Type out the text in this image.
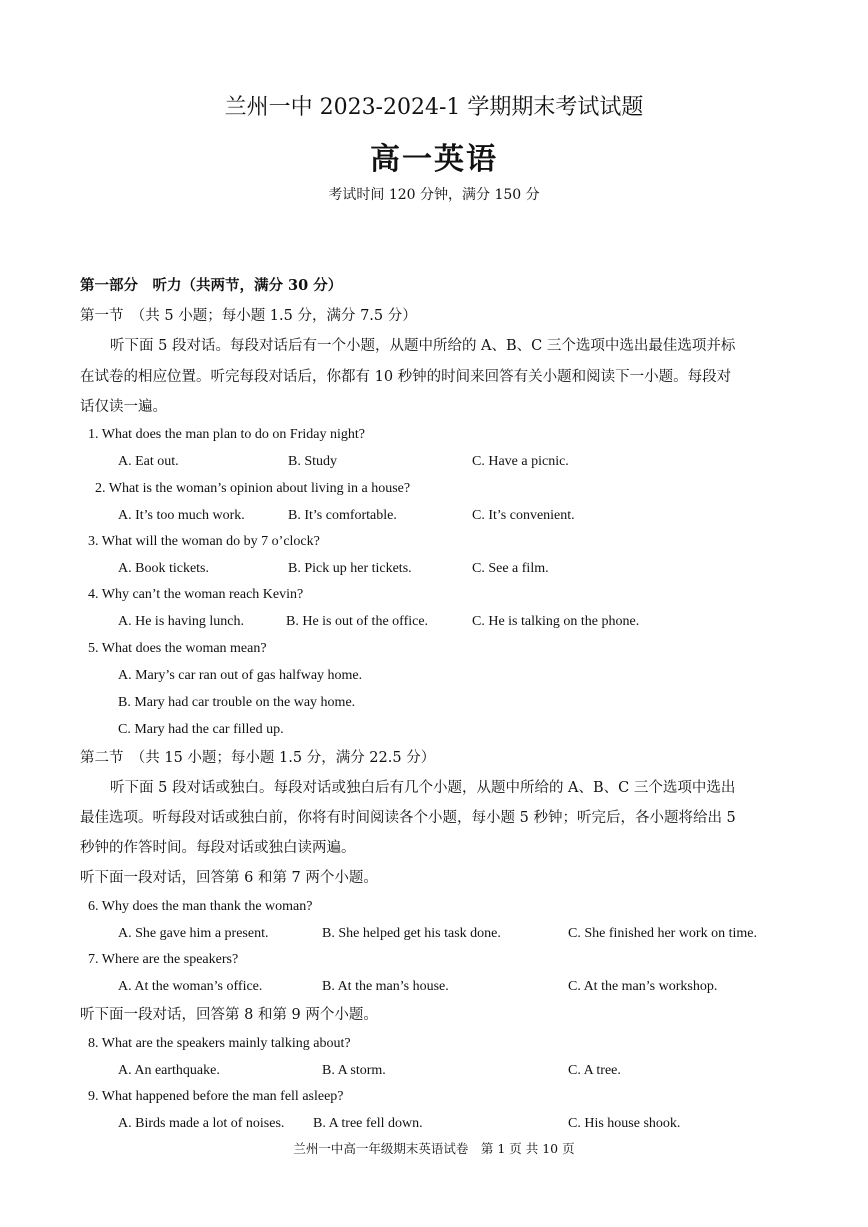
兰州一中 2023-2024-1 学期期末考试试题
高一英语
考试时间 120 分钟，满分 150 分
第一部分　听力（共两节，满分 30 分）
第一节　（共 5 小题；每小题 1.5 分，满分 7.5 分）
听下面 5 段对话。每段对话后有一个小题，从题中所给的 A、B、C 三个选项中选出最佳选项并标
在试卷的相应位置。听完每段对话后，你都有 10 秒钟的时间来回答有关小题和阅读下一小题。每段对
话仅读一遍。
1. What does the man plan to do on Friday night?
A. Eat out.	B. Study	C. Have a picnic.
2. What is the woman’s opinion about living in a house?
A. It’s too much work.	B. It’s comfortable.	C. It’s convenient.
3. What will the woman do by 7 o’clock?
A. Book tickets.	B. Pick up her tickets.	C. See a film.
4. Why can’t the woman reach Kevin?
A. He is having lunch.	B. He is out of the office.	C. He is talking on the phone.
5. What does the woman mean?
A. Mary’s car ran out of gas halfway home.
B. Mary had car trouble on the way home.
C. Mary had the car filled up.
第二节　（共 15 小题；每小题 1.5 分，满分 22.5 分）
听下面 5 段对话或独白。每段对话或独白后有几个小题，从题中所给的 A、B、C 三个选项中选出
最佳选项。听每段对话或独白前，你将有时间阅读各个小题，每小题 5 秒钟；听完后，各小题将给出 5
秒钟的作答时间。每段对话或独白读两遍。
听下面一段对话，回答第 6 和第 7 两个小题。
6. Why does the man thank the woman?
A. She gave him a present.	B. She helped get his task done.	C. She finished her work on time.
7. Where are the speakers?
A. At the woman’s office.	B. At the man’s house.	C. At the man’s workshop.
听下面一段对话，回答第 8 和第 9 两个小题。
8. What are the speakers mainly talking about?
A. An earthquake.	B. A storm.	C. A tree.
9. What happened before the man fell asleep?
A. Birds made a lot of noises. B. A tree fell down.	C. His house shook.
兰州一中高一年级期末英语试卷　第 1 页 共 10 页
